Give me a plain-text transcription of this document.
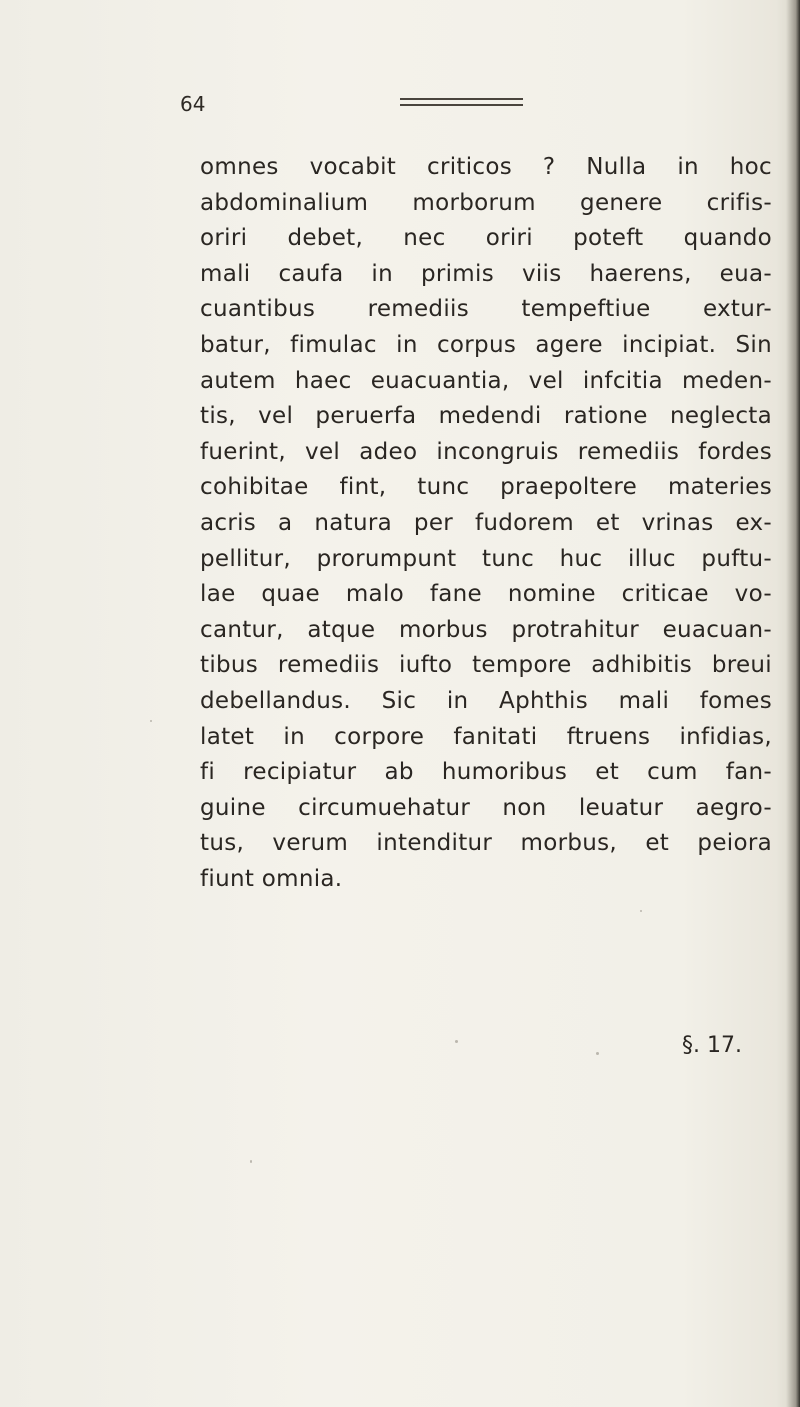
64
omnes vocabit criticos ? Nulla in hoc
abdominalium morborum genere crifis-
oriri debet, nec oriri poteft quando
mali caufa in primis viis haerens, eua-
cuantibus remediis tempeftiue extur-
batur, fimulac in corpus agere incipiat. Sin
autem haec euacuantia, vel infcitia meden-
tis, vel peruerfa medendi ratione neglecta
fuerint, vel adeo incongruis remediis fordes
cohibitae fint, tunc praepoltere materies
acris a natura per fudorem et vrinas ex-
pellitur, prorumpunt tunc huc illuc puftu-
lae quae malo fane nomine criticae vo-
cantur, atque morbus protrahitur euacuan-
tibus remediis iufto tempore adhibitis breui
debellandus. Sic in Aphthis mali fomes
latet in corpore fanitati ftruens infidias,
fi recipiatur ab humoribus et cum fan-
guine circumuehatur non leuatur aegro-
tus, verum intenditur morbus, et peiora
fiunt omnia.
§. 17.
